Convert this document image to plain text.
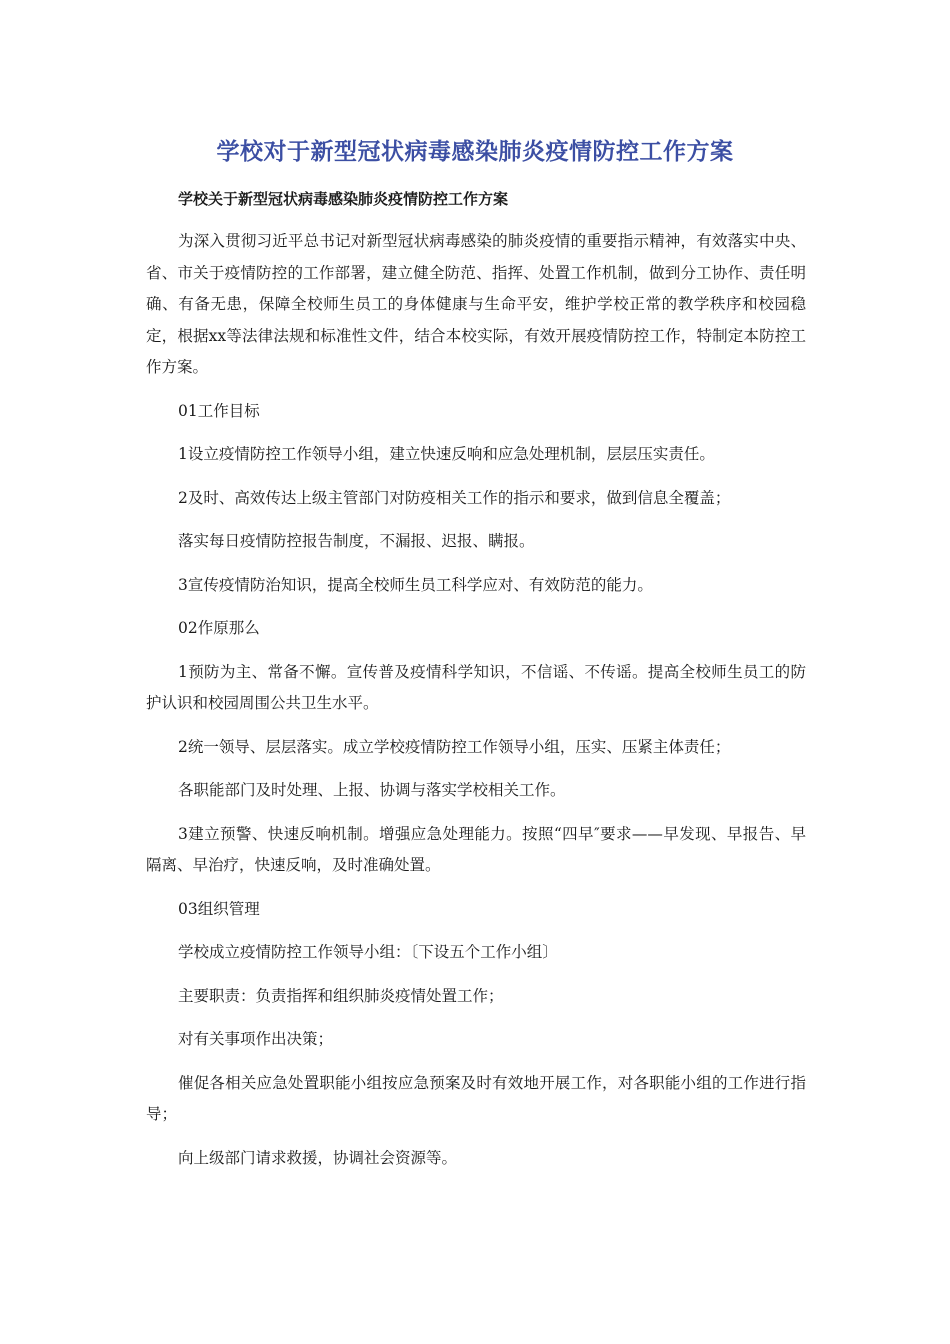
学校对于新型冠状病毒感染肺炎疫情防控工作方案

学校关于新型冠状病毒感染肺炎疫情防控工作方案

为深入贯彻习近平总书记对新型冠状病毒感染的肺炎疫情的重要指示精神，有效落实中央、省、市关于疫情防控的工作部署，建立健全防范、指挥、处置工作机制，做到分工协作、责任明确、有备无患，保障全校师生员工的身体健康与生命平安，维护学校正常的教学秩序和校园稳定，根据xx等法律法规和标准性文件，结合本校实际，有效开展疫情防控工作，特制定本防控工作方案。

01工作目标

1设立疫情防控工作领导小组，建立快速反响和应急处理机制，层层压实责任。

2及时、高效传达上级主管部门对防疫相关工作的指示和要求，做到信息全覆盖；

落实每日疫情防控报告制度，不漏报、迟报、瞒报。

3宣传疫情防治知识，提高全校师生员工科学应对、有效防范的能力。

02作原那么

1预防为主、常备不懈。宣传普及疫情科学知识，不信谣、不传谣。提高全校师生员工的防护认识和校园周围公共卫生水平。

2统一领导、层层落实。成立学校疫情防控工作领导小组，压实、压紧主体责任；

各职能部门及时处理、上报、协调与落实学校相关工作。

3建立预警、快速反响机制。增强应急处理能力。按照“四早″要求——早发现、早报告、早隔离、早治疗，快速反响，及时准确处置。

03组织管理

学校成立疫情防控工作领导小组：〔下设五个工作小组〕

主要职责：负责指挥和组织肺炎疫情处置工作；

对有关事项作出决策；

催促各相关应急处置职能小组按应急预案及时有效地开展工作，对各职能小组的工作进行指导；

向上级部门请求救援，协调社会资源等。
